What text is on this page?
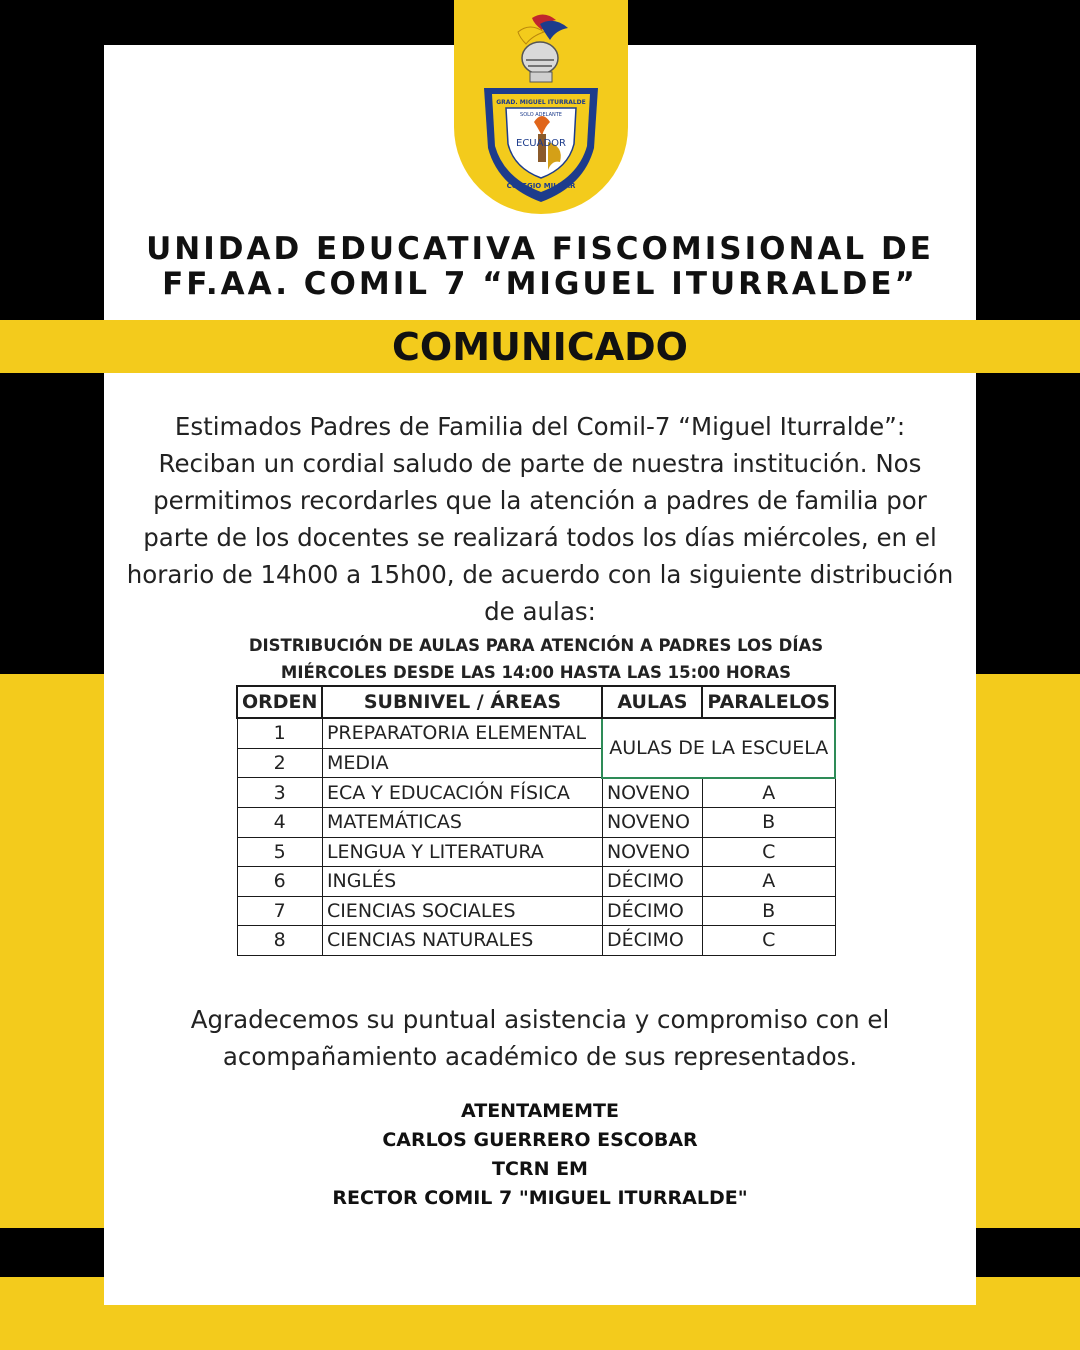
GRAD. MIGUEL ITURRALDE
SOLO ADELANTE
ECUADOR
COLEGIO MILITAR
UNIDAD EDUCATIVA FISCOMISIONAL DE
FF.AA. COMIL 7 “MIGUEL ITURRALDE”
COMUNICADO
Estimados Padres de Familia del Comil-7 “Miguel Iturralde”:
Reciban un cordial saludo de parte de nuestra institución. Nos
permitimos recordarles que la atención a padres de familia por
parte de los docentes se realizará todos los días miércoles, en el
horario de 14h00 a 15h00, de acuerdo con la siguiente distribución
de aulas:
DISTRIBUCIÓN DE AULAS PARA ATENCIÓN A PADRES LOS DÍAS
MIÉRCOLES DESDE LAS 14:00 HASTA LAS 15:00 HORAS
ORDEN	SUBNIVEL / ÁREAS	AULAS	PARALELOS
1	PREPARATORIA ELEMENTAL	AULAS DE LA ESCUELA	
2	MEDIA		
3	ECA Y EDUCACIÓN FÍSICA	NOVENO	A
4	MATEMÁTICAS	NOVENO	B
5	LENGUA Y LITERATURA	NOVENO	C
6	INGLÉS	DÉCIMO	A
7	CIENCIAS SOCIALES	DÉCIMO	B
8	CIENCIAS NATURALES	DÉCIMO	C
Agradecemos su puntual asistencia y compromiso con el
acompañamiento académico de sus representados.
ATENTAMEMTE
CARLOS GUERRERO ESCOBAR
TCRN EM
RECTOR COMIL 7 "MIGUEL ITURRALDE"
